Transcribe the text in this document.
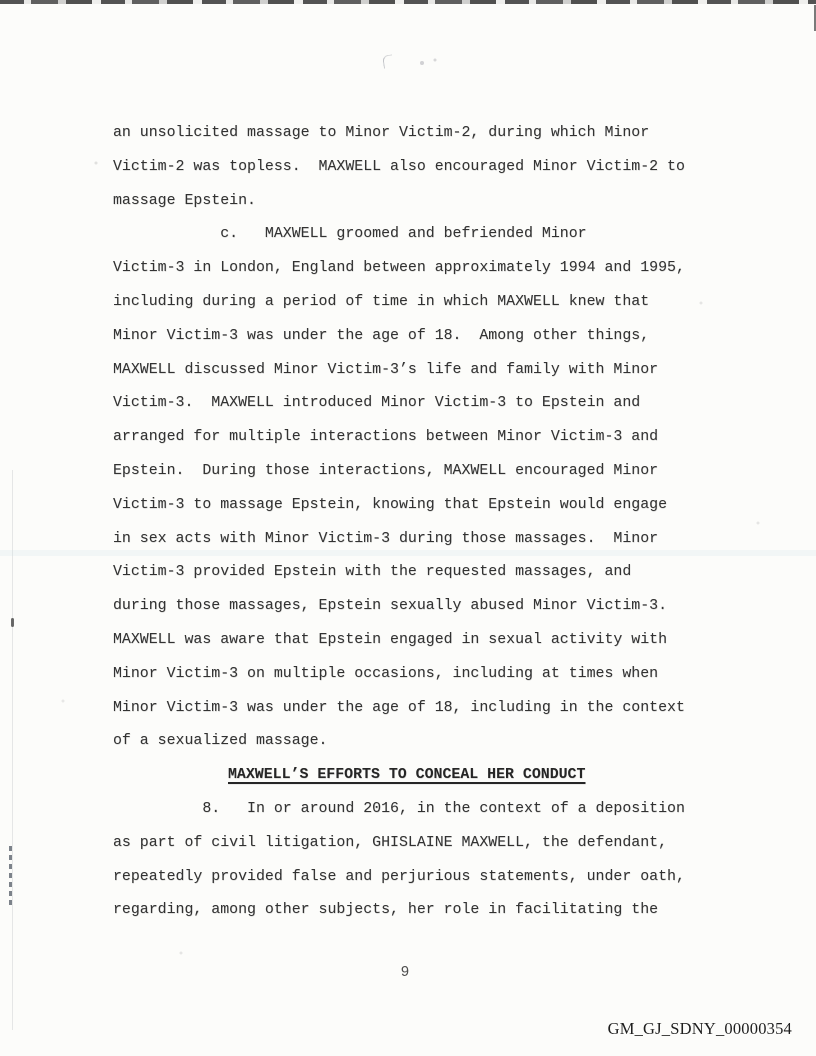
an unsolicited massage to Minor Victim-2, during which Minor
Victim-2 was topless.  MAXWELL also encouraged Minor Victim-2 to
massage Epstein.
c.   MAXWELL groomed and befriended Minor
Victim-3 in London, England between approximately 1994 and 1995,
including during a period of time in which MAXWELL knew that
Minor Victim-3 was under the age of 18.  Among other things,
MAXWELL discussed Minor Victim-3’s life and family with Minor
Victim-3.  MAXWELL introduced Minor Victim-3 to Epstein and
arranged for multiple interactions between Minor Victim-3 and
Epstein.  During those interactions, MAXWELL encouraged Minor
Victim-3 to massage Epstein, knowing that Epstein would engage
in sex acts with Minor Victim-3 during those massages.  Minor
Victim-3 provided Epstein with the requested massages, and
during those massages, Epstein sexually abused Minor Victim-3.
MAXWELL was aware that Epstein engaged in sexual activity with
Minor Victim-3 on multiple occasions, including at times when
Minor Victim-3 was under the age of 18, including in the context
of a sexualized massage.
MAXWELL’S EFFORTS TO CONCEAL HER CONDUCT
8.   In or around 2016, in the context of a deposition
as part of civil litigation, GHISLAINE MAXWELL, the defendant,
repeatedly provided false and perjurious statements, under oath,
regarding, among other subjects, her role in facilitating the
9
GM_GJ_SDNY_00000354
